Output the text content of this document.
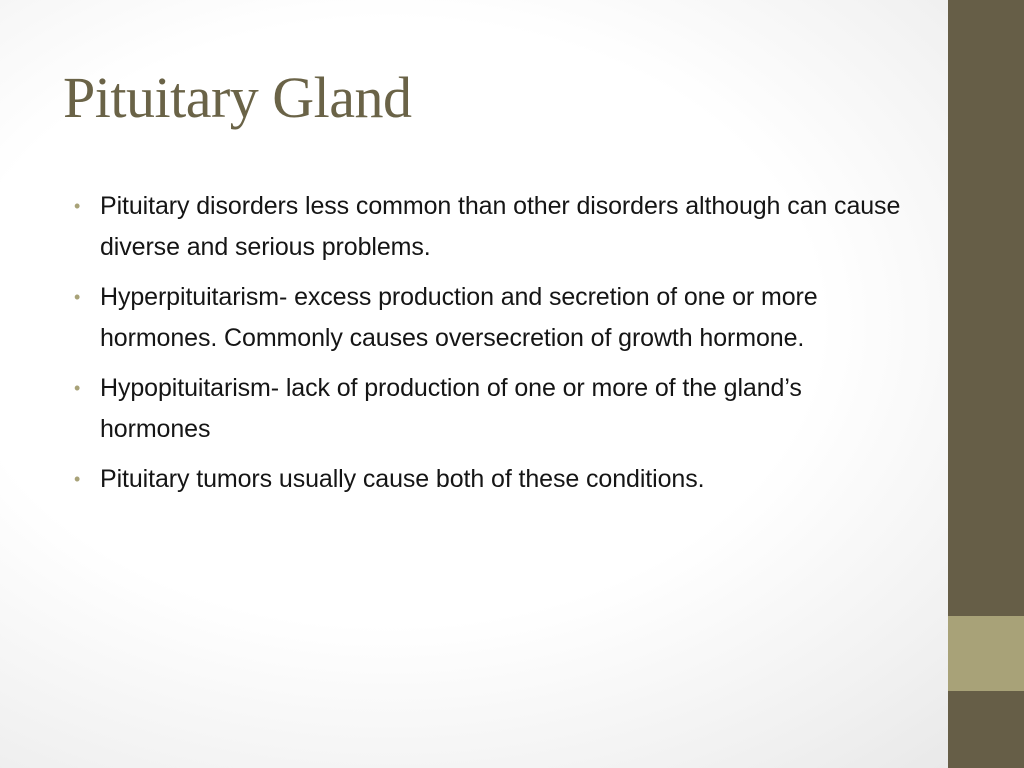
Pituitary Gland
• Pituitary disorders less common than other disorders although can cause diverse and serious problems.
• Hyperpituitarism- excess production and secretion of one or more hormones. Commonly causes oversecretion of growth hormone.
• Hypopituitarism- lack of production of one or more of the gland’s hormones
• Pituitary tumors usually cause both of these conditions.
